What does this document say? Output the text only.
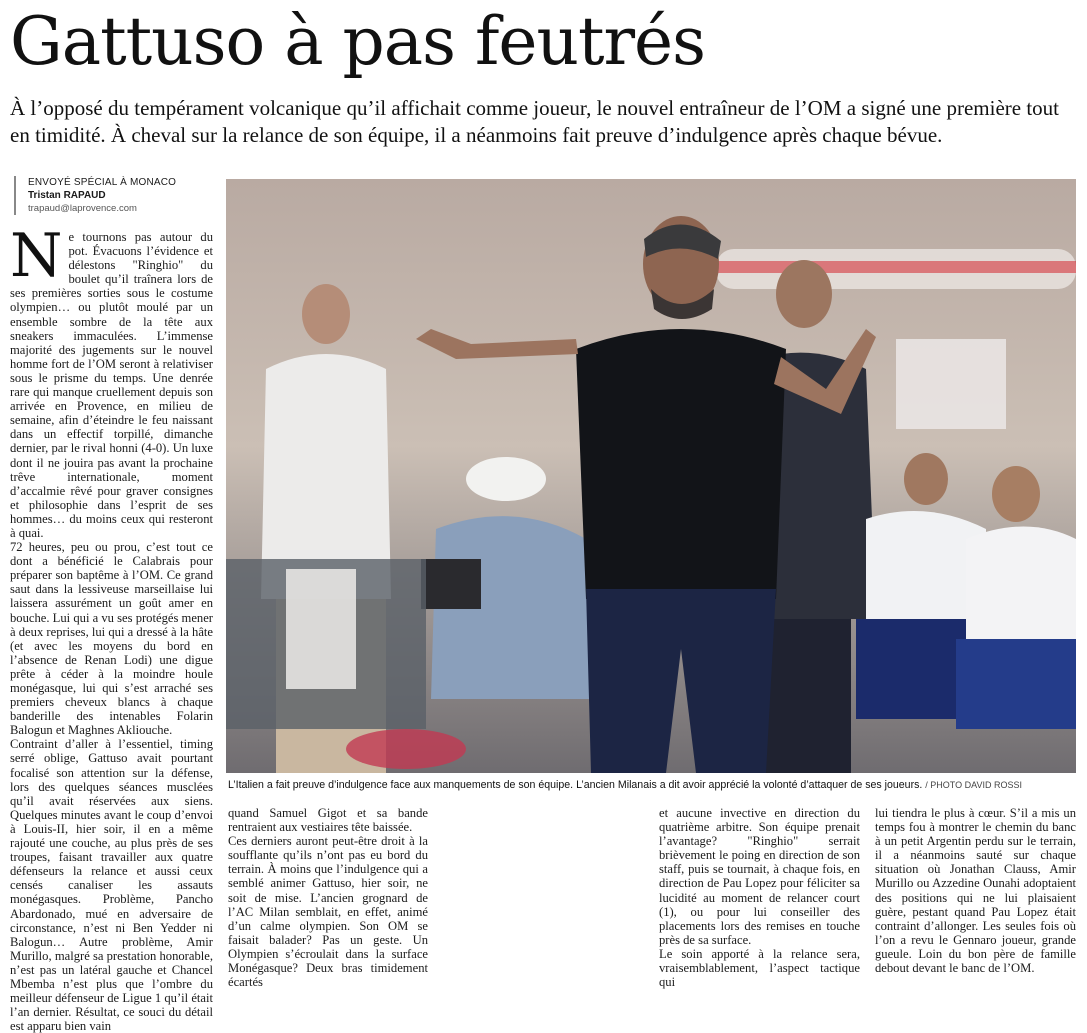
Gattuso à pas feutrés

À l’opposé du tempérament volcanique qu’il affichait comme joueur, le nouvel entraîneur de l’OM a signé une première tout en timidité. À cheval sur la relance de son équipe, il a néanmoins fait preuve d’indulgence après chaque bévue.

ENVOYÉ SPÉCIAL À MONACO
Tristan RAPAUD
trapaud@laprovence.com

Ne tournons pas autour du pot. Évacuons l’évidence et délestons "Ringhio" du boulet qu’il traînera lors de ses premières sorties sous le costume olympien… ou plutôt moulé par un ensemble sombre de la tête aux sneakers immaculées. L’immense majorité des jugements sur le nouvel homme fort de l’OM seront à relativiser sous le prisme du temps. Une denrée rare qui manque cruellement depuis son arrivée en Provence, en milieu de semaine, afin d’éteindre le feu naissant dans un effectif torpillé, dimanche dernier, par le rival honni (4-0). Un luxe dont il ne jouira pas avant la prochaine trêve internationale, moment d’accalmie rêvé pour graver consignes et philosophie dans l’esprit de ses hommes… du moins ceux qui resteront à quai.

72 heures, peu ou prou, c’est tout ce dont a bénéficié le Calabrais pour préparer son baptême à l’OM. Ce grand saut dans la lessiveuse marseillaise lui laissera assurément un goût amer en bouche. Lui qui a vu ses protégés mener à deux reprises, lui qui a dressé à la hâte (et avec les moyens du bord en l’absence de Renan Lodi) une digue prête à céder à la moindre houle monégasque, lui qui s’est arraché ses premiers cheveux blancs à chaque banderille des intenables Folarin Balogun et Maghnes Akliouche.

Contraint d’aller à l’essentiel, timing serré oblige, Gattuso avait pourtant focalisé son attention sur la défense, lors des quelques séances musclées qu’il avait réservées aux siens. Quelques minutes avant le coup d’envoi à Louis-II, hier soir, il en a même rajouté une couche, au plus près de ses troupes, faisant travailler aux quatre défenseurs la relance et aussi ceux censés canaliser les assauts monégasques. Problème, Pancho Abardonado, mué en adversaire de circonstance, n’est ni Ben Yedder ni Balogun… Autre problème, Amir Murillo, malgré sa prestation honorable, n’est pas un latéral gauche et Chancel Mbemba n’est plus que l’ombre du meilleur défenseur de Ligue 1 qu’il était l’an dernier. Résultat, ce souci du détail est apparu bien vain

L’Italien a fait preuve d’indulgence face aux manquements de son équipe. L’ancien Milanais a dit avoir apprécié la volonté d’attaquer de ses joueurs. / PHOTO DAVID ROSSI

quand Samuel Gigot et sa bande rentraient aux vestiaires tête baissée.

Ces derniers auront peut-être droit à la soufflante qu’ils n’ont pas eu bord du terrain. À moins que l’indulgence qui a semblé animer Gattuso, hier soir, ne soit de mise. L’ancien grognard de l’AC Milan semblait, en effet, animé d’un calme olympien. Son OM se faisait balader? Pas un geste. Un Olympien s’écroulait dans la surface Monégasque? Deux bras timidement écartés

et aucune invective en direction du quatrième arbitre. Son équipe prenait l’avantage? "Ringhio" serrait brièvement le poing en direction de son staff, puis se tournait, à chaque fois, en direction de Pau Lopez pour féliciter sa lucidité au moment de relancer court (1), ou pour lui conseiller des placements lors des remises en touche près de sa surface.

Le soin apporté à la relance sera, vraisemblablement, l’aspect tactique qui

lui tiendra le plus à cœur. S’il a mis un temps fou à montrer le chemin du banc à un petit Argentin perdu sur le terrain, il a néanmoins sauté sur chaque situation où Jonathan Clauss, Amir Murillo ou Azzedine Ounahi adoptaient des positions qui ne lui plaisaient guère, pestant quand Pau Lopez était contraint d’allonger. Les seules fois où l’on a revu le Gennaro joueur, grande gueule. Loin du bon père de famille debout devant le banc de l’OM.
